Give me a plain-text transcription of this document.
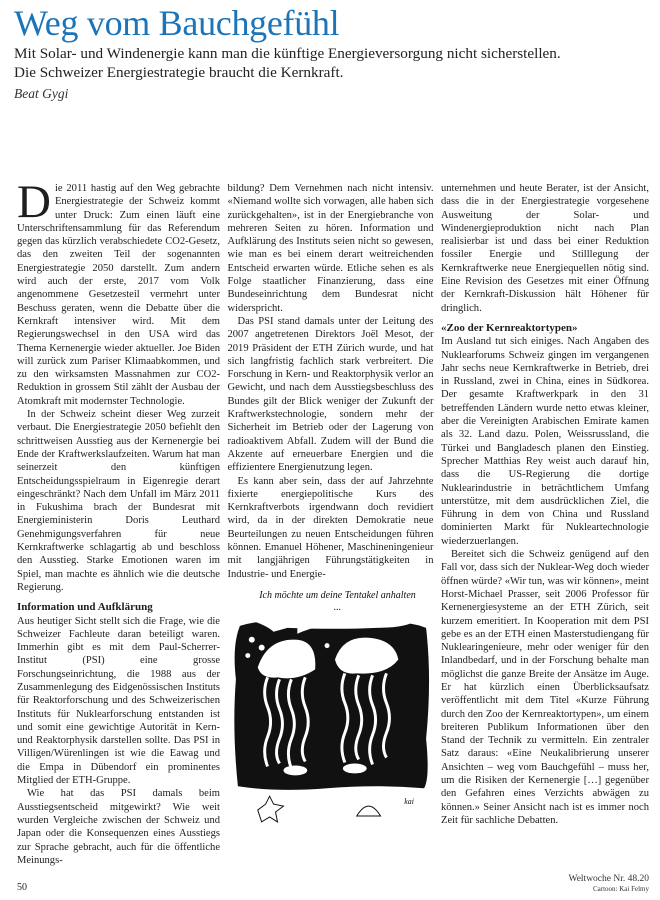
Weg vom Bauchgefühl
Mit Solar- und Windenergie kann man die künftige Energieversorgung nicht sicherstellen.
Die Schweizer Energiestrategie braucht die Kernkraft.
Beat Gygi

Die 2011 hastig auf den Weg gebrachte Energiestrategie der Schweiz kommt unter Druck: Zum einen läuft eine Unterschriftensammlung für das Referendum gegen das kürzlich verabschiedete CO2-Gesetz, das den zweiten Teil der sogenannten Energiestrategie 2050 darstellt. Zum andern wird auch der erste, 2017 vom Volk angenommene Gesetzesteil vermehrt unter Beschuss geraten, wenn die Debatte über die Kernkraft intensiver wird. Mit dem Regierungswechsel in den USA wird das Thema Kernenergie wieder aktueller. Joe Biden will zurück zum Pariser Klimaabkommen, und zu den wirksamsten Massnahmen zur CO2-Reduktion in grossem Stil zählt der Ausbau der Atomkraft mit modernster Technologie.

In der Schweiz scheint dieser Weg zurzeit verbaut. Die Energiestrategie 2050 befiehlt den schrittweisen Ausstieg aus der Kernenergie bei Ende der Kraftwerkslaufzeiten. Warum hat man seinerzeit den künftigen Entscheidungsspielraum in Eigenregie derart eingeschränkt? Nach dem Unfall im März 2011 in Fukushima brach der Bundesrat mit Energieministerin Doris Leuthard Genehmigungsverfahren für neue Kernkraftwerke schlagartig ab und beschloss den Ausstieg. Starke Emotionen waren im Spiel, man machte es ähnlich wie die deutsche Regierung.

Information und Aufklärung

Aus heutiger Sicht stellt sich die Frage, wie die Schweizer Fachleute daran beteiligt waren. Immerhin gibt es mit dem Paul-Scherrer-Institut (PSI) eine grosse Forschungseinrichtung, die 1988 aus der Zusammenlegung des Eidgenössischen Instituts für Reaktorforschung und des Schweizerischen Instituts für Nuklearforschung entstanden ist und somit eine gewichtige Autorität in Kern- und Reaktorphysik darstellen sollte. Das PSI in Villigen/Würenlingen ist wie die Eawag und die Empa in Dübendorf ein prominentes Mitglied der ETH-Gruppe.

Wie hat das PSI damals beim Ausstiegsentscheid mitgewirkt? Wie weit wurden Vergleiche zwischen der Schweiz und Japan oder die Konsequenzen eines Ausstiegs zur Sprache gebracht, auch für die öffentliche Meinungs-

bildung? Dem Vernehmen nach nicht intensiv. «Niemand wollte sich vorwagen, alle haben sich zurückgehalten», ist in der Energiebranche von mehreren Seiten zu hören. Information und Aufklärung des Instituts seien nicht so gewesen, wie man es bei einem derart weitreichenden Entscheid erwarten würde. Etliche sehen es als Folge staatlicher Finanzierung, dass eine Bundeseinrichtung dem Bundesrat nicht widerspricht.

Das PSI stand damals unter der Leitung des 2007 angetretenen Direktors Joël Mesot, der 2019 Präsident der ETH Zürich wurde, und hat sich langfristig fachlich stark verbreitert. Die Forschung in Kern- und Reaktorphysik verlor an Gewicht, und nach dem Ausstiegsbeschluss des Bundes gilt der Blick weniger der Zukunft der Kraftwerkstechnologie, sondern mehr der Sicherheit im Betrieb oder der Lagerung von radioaktivem Abfall. Zudem will der Bund die Akzente auf erneuerbare Energien und die effizientere Energienutzung legen.

Es kann aber sein, dass der auf Jahrzehnte fixierte energiepolitische Kurs des Kernkraftverbots irgendwann doch revidiert wird, da in der direkten Demokratie neue Beurteilungen zu neuen Entscheidungen führen können. Emanuel Höhener, Maschineningenieur mit langjährigen Führungstätigkeiten in Industrie- und Energie-

kai
Ich möchte um deine Tentakel anhalten ...

unternehmen und heute Berater, ist der Ansicht, dass die in der Energiestrategie vorgesehene Ausweitung der Solar- und Windenergieproduktion nicht nach Plan realisierbar ist und dass bei einer Reduktion fossiler Energie und Stilllegung der Kernkraftwerke neue Energiequellen nötig sind. Eine Revision des Gesetzes mit einer Öffnung der Kernkraft-Diskussion hält Höhener für dringlich.

«Zoo der Kernreaktortypen»

Im Ausland tut sich einiges. Nach Angaben des Nuklearforums Schweiz gingen im vergangenen Jahr sechs neue Kernkraftwerke in Betrieb, drei in Russland, zwei in China, eines in Südkorea. Der gesamte Kraftwerkpark in den 31 betreffenden Ländern wurde netto etwas kleiner, aber die Vereinigten Arabischen Emirate kamen als 32. Land dazu. Polen, Weissrussland, die Türkei und Bangladesch planen den Einstieg. Sprecher Matthias Rey weist auch darauf hin, dass die US-Regierung die dortige Nuklearindustrie in beträchtlichem Umfang unterstütze, mit dem ausdrücklichen Ziel, die Führung in dem von China und Russland dominierten Markt für Nukleartechnologie wiederzuerlangen.

Bereitet sich die Schweiz genügend auf den Fall vor, dass sich der Nuklear-Weg doch wieder öffnen würde? «Wir tun, was wir können», meint Horst-Michael Prasser, seit 2006 Professor für Kernenergiesysteme an der ETH Zürich, seit kurzem emeritiert. In Kooperation mit dem PSI gebe es an der ETH einen Masterstudiengang für Nuklearingenieure, mehr oder weniger für den Inlandbedarf, und in der Forschung behalte man möglichst die ganze Breite der Ansätze im Auge. Er hat kürzlich einen Überblicksaufsatz veröffentlicht mit dem Titel «Kurze Führung durch den Zoo der Kernreaktortypen», um einem breiteren Publikum Informationen über den Stand der Technik zu vermitteln. Ein zentraler Satz daraus: «Eine Neukalibrierung unserer Ansichten – weg vom Bauchgefühl – muss her, um die Risiken der Kernenergie […] gegenüber den Gefahren eines Verzichts abwägen zu können.» Seiner Ansicht nach ist es immer noch Zeit für sachliche Debatten.

50
Weltwoche Nr. 48.20
Cartoon: Kai Felmy
